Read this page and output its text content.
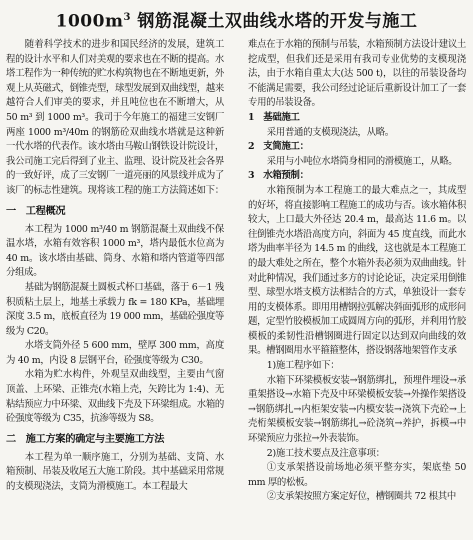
$1000m^3$ 钢筋混凝土双曲线水塔的开发与施工

随着科学技术的进步和国民经济的发展，建筑工程的设计水平和人们对美观的要求也在不断的提高。水塔工程作为一种传统的贮水构筑物也在不断地更新，外观上从英磁式，倒锥壳型，球型发展到双曲线型，越来越符合人们审美的要求，并且吨位也在不断增大，从 50 m³ 到 1000 m³。我司于今年施工的福建三安钢厂两座 1000 m³/40m 的钢筋砼双曲线水塔就是这种新一代水塔的代表作。该水塔由马鞍山钢铁设计院设计，我公司施工完后得到了业主、监理、设计院及社会各界的一致好评，成了三安钢厂一道亮丽的风景线并成为了该厂的标志性建筑。现将该工程的施工方法简述如下：

一　工程概况

本工程为 1000 m³/40 m 钢筋混凝土双曲线不保温水塔，水箱有效容积 1000 m³，塔内最低水位高为 40 m。该水塔由基础、筒身、水箱和塔内管道等四部分组成。

基础为钢筋混凝土圆板式杯口基础，落于 6－1 残积质粘土层上，地基土承载力 fk = 180 KPa，基础埋深度 3.5 m，底板直径为 19 000 mm，基础砼强度等级为 C20。

水塔支筒外径 5 600 mm，壁厚 300 mm，高度为 40 m，内设 8 层钢平台，砼强度等级为 C30。

水箱为贮水构件，外观呈双曲线型，主要由气窗顶盖、上环梁、正锥壳(水箱上壳，矢跨比为 1:4)、无粘结预应力中环梁、双曲线下壳及下环梁组成。水箱的砼强度等级为 C35，抗渗等级为 S8。

二　施工方案的确定与主要施工方法

本工程为单一顺序施工，分别为基础、支筒、水箱预制、吊装及收尾五大施工阶段。其中基础采用常规的支模现浇法，支筒为滑模施工。本工程最大

难点在于水箱的预制与吊装，水箱预制方法设计建议土挖成型，但我们还是采用有我司专业优势的支模现浇法，由于水箱自重太大(达 500 t)，以往的吊装设备均不能满足需要，我公司经过论证后重新设计加工了一套专用的吊装设备。

1　基础施工

采用普通的支模现浇法，从略。

2　支筒施工：

采用与小吨位水塔筒身相同的滑模施工，从略。

3　水箱预制：

水箱预制为本工程施工的最大难点之一，其成型的好坏，将直接影响工程施工的成功与否。该水箱体积较大，上口最大外径达 20.4 m，最高达 11.6 m。以往倒锥壳水塔沿高度方向，斜面为 45 度直线，而此水塔为曲率半径为 14.5 m 的曲线，这也就是本工程施工的最大难处之所在，整个水箱外表必须为双曲曲线。针对此种情况，我们通过多方的讨论论证，决定采用倒锥型、球型水塔支模方法相结合的方式，单独设计一套专用的支模体系。即用用槽钢拉弧解决斜面弧形的成形问题，定型竹胶模板加工成圆周方向的弧形，并利用竹胶模板的柔韧性沿槽钢圈进行固定以达到双向曲线的效果。槽钢圈用水平箍箍整体，搭设钢落地架管作支承

1)施工程序如下：

水箱下环梁模板安装→钢筋绑扎，预埋件埋设→承重架搭设→水箱下壳及中环梁模板安装→外操作架搭设→钢筋绑扎→内柜架安装→内模安装→浇筑下壳砼→上壳桁架模板安装→钢筋绑扎→砼浇筑→养护，拆模→中环梁预应力张拉→外表装饰。

2)施工技术要点及注意事项：

①支承架搭设前场地必须平整夯实，架底垫 50 mm 厚的松板。

②支承架按照方案定好位，槽钢圈共 72 根其中
